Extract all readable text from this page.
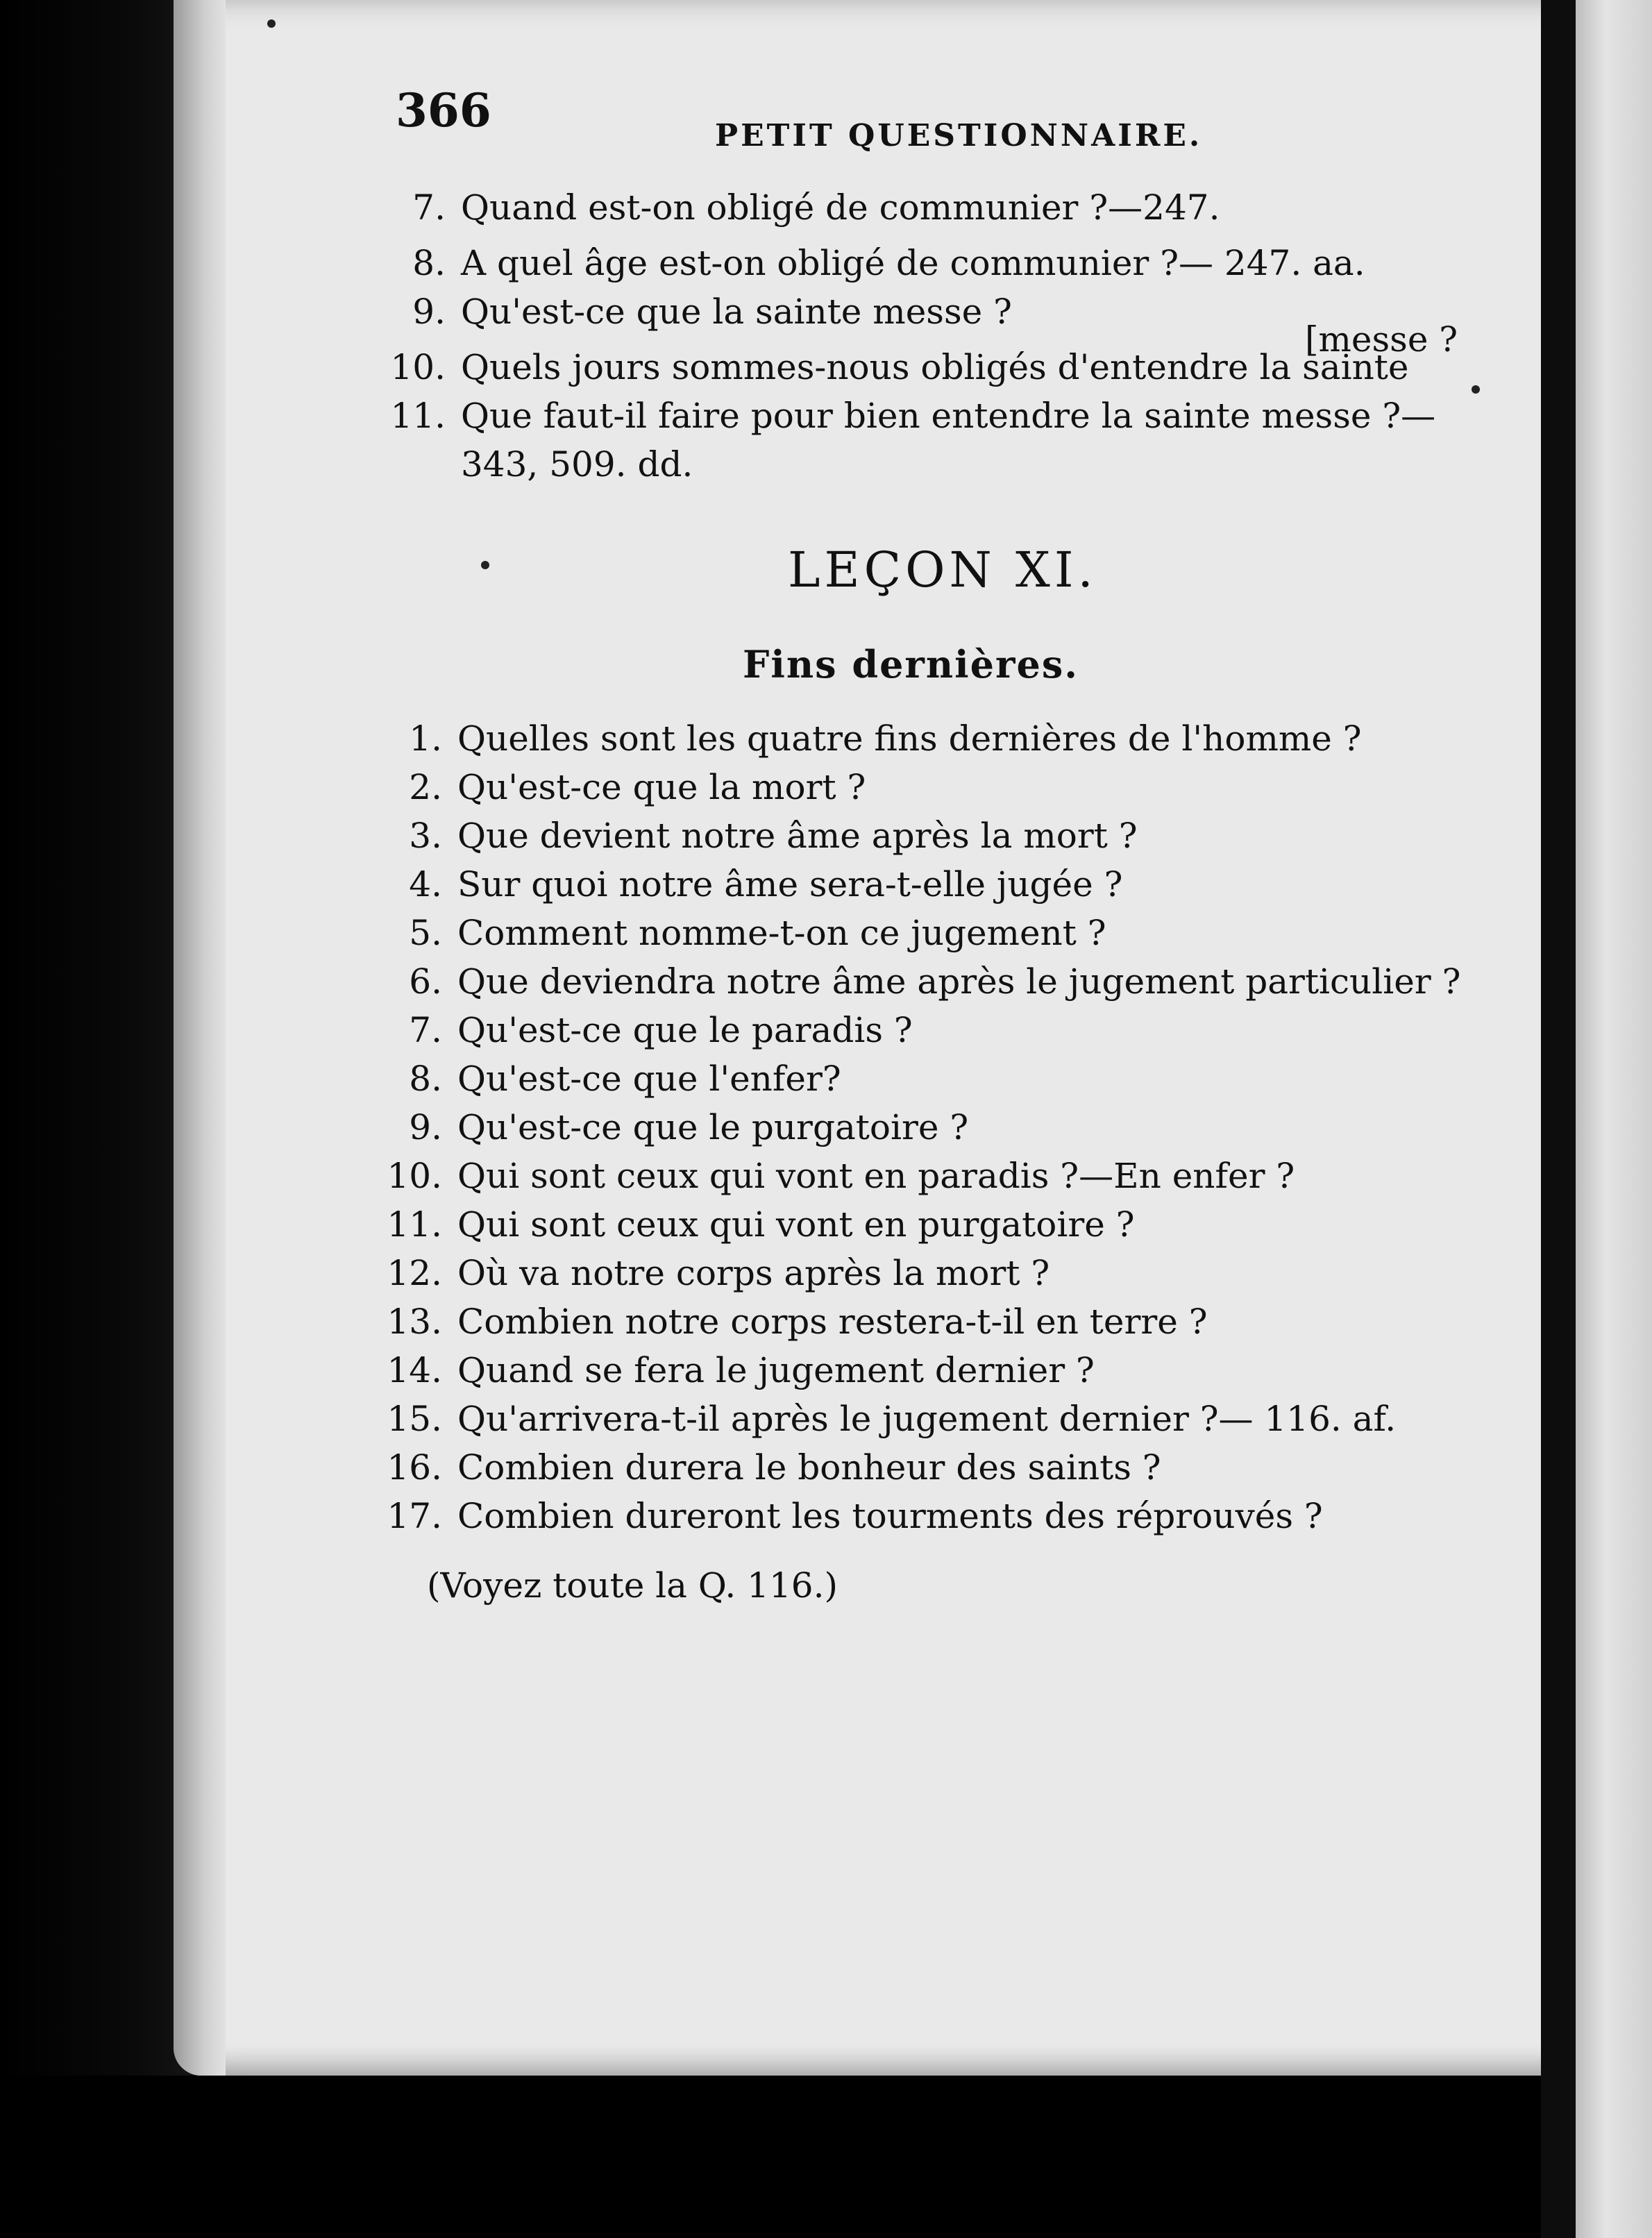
366	PETIT QUESTIONNAIRE.
7. Quand est-on obligé de communier ?—247.
8. A quel âge est-on obligé de communier ?— 247. aa.
9. Qu'est-ce que la sainte messe ?
[messe ?
10. Quels jours sommes-nous obligés d'entendre la sainte
11. Que faut-il faire pour bien entendre la sainte messe ?—
343, 509. dd.
LEÇON XI.
Fins dernières.
1. Quelles sont les quatre fins dernières de l'homme ?
2. Qu'est-ce que la mort ?
3. Que devient notre âme après la mort ?
4. Sur quoi notre âme sera-t-elle jugée ?
5. Comment nomme-t-on ce jugement ?
6. Que deviendra notre âme après le jugement particulier ?
7. Qu'est-ce que le paradis ?
8. Qu'est-ce que l'enfer?
9. Qu'est-ce que le purgatoire ?
10. Qui sont ceux qui vont en paradis ?—En enfer ?
11. Qui sont ceux qui vont en purgatoire ?
12. Où va notre corps après la mort ?
13. Combien notre corps restera-t-il en terre ?
14. Quand se fera le jugement dernier ?
15. Qu'arrivera-t-il après le jugement dernier ?— 116. af.
16. Combien durera le bonheur des saints ?
17. Combien dureront les tourments des réprouvés ?
(Voyez toute la Q. 116.)
